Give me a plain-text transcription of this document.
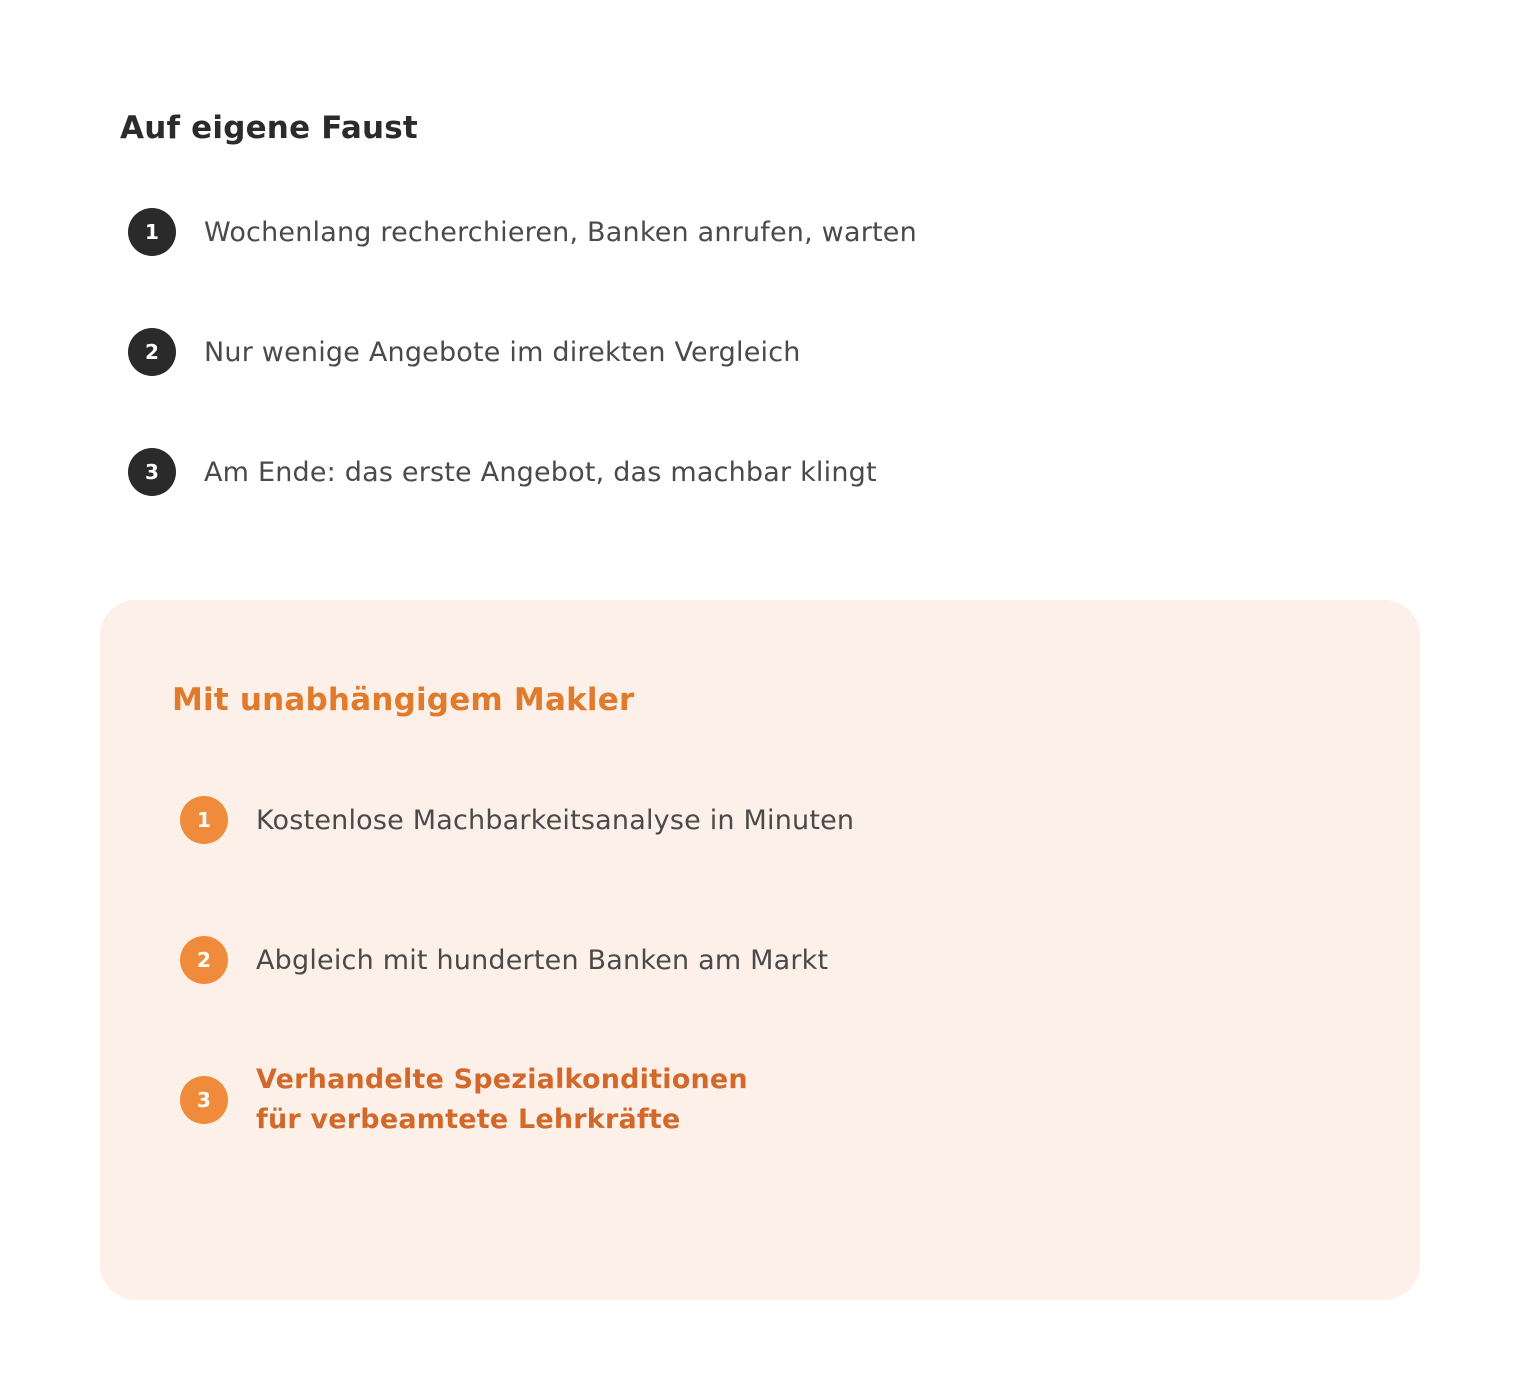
Auf eigene Faust
1	Wochenlang recherchieren, Banken anrufen, warten
2	Nur wenige Angebote im direkten Vergleich
3	Am Ende: das erste Angebot, das machbar klingt
Mit unabhängigem Makler
1	Kostenlose Machbarkeitsanalyse in Minuten
2	Abgleich mit hunderten Banken am Markt
3
Verhandelte Spezialkonditionen
für verbeamtete Lehrkräfte
